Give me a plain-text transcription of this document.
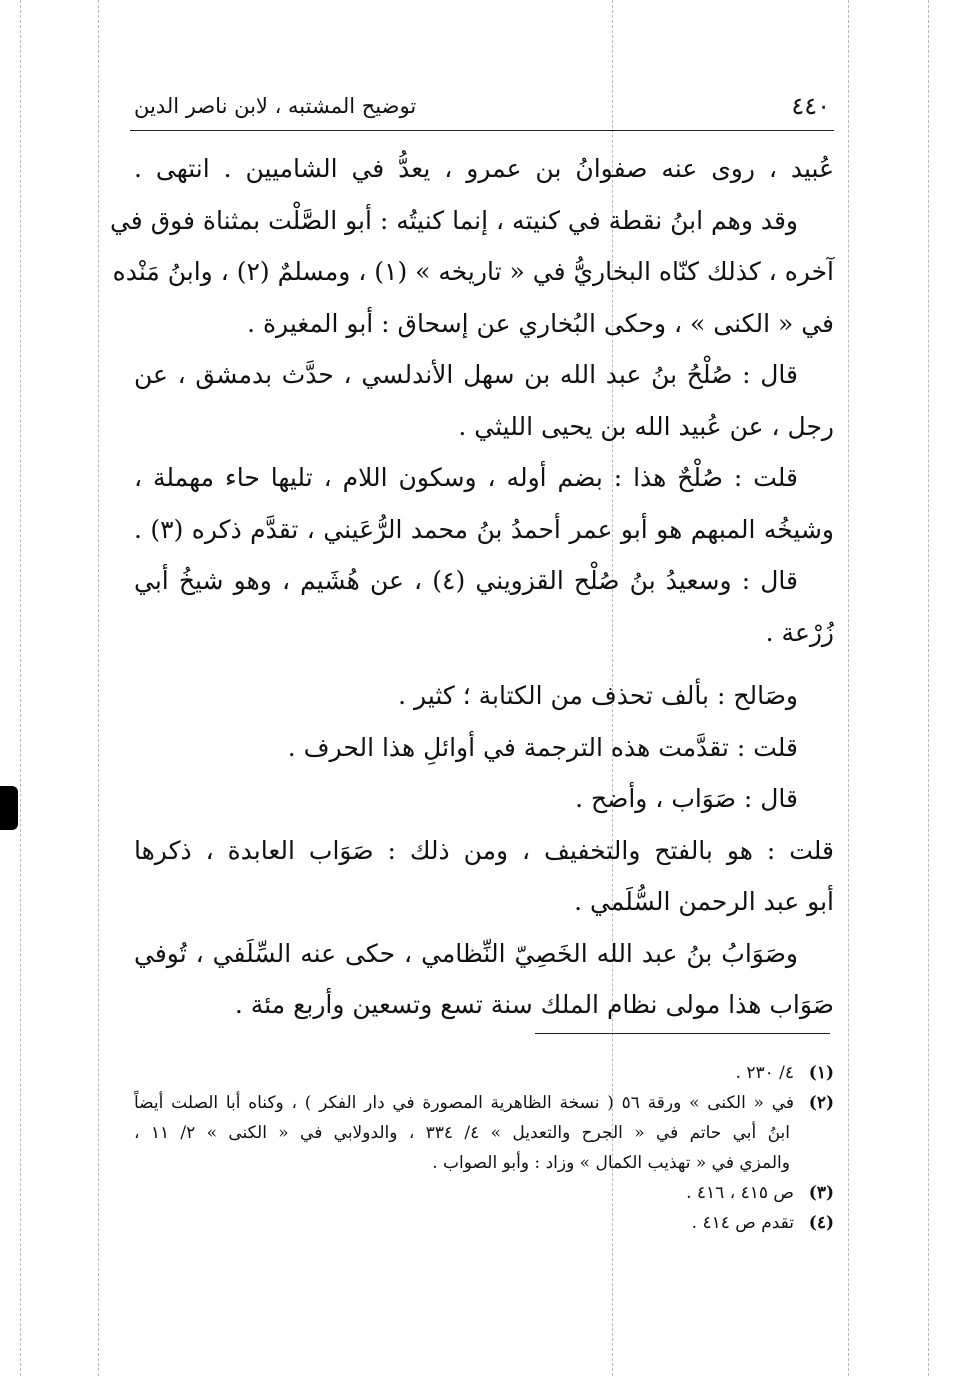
٤٤٠
توضيح المشتبه ، لابن ناصر الدين
عُبيد ، روى عنه صفوانُ بن عمرو ، يعدُّ في الشاميين . انتهى .
وقد وهم ابنُ نقطة في كنيته ، إنما كنيتُه : أبو الصَّلْت بمثناة فوق في
آخره ، كذلك كنّاه البخاريُّ في « تاريخه » (١) ، ومسلمٌ (٢) ، وابنُ مَنْده
في « الكنى » ، وحكى البُخاري عن إسحاق : أبو المغيرة .
قال : صُلْحُ بنُ عبد الله بن سهل الأندلسي ، حدَّث بدمشق ، عن
رجل ، عن عُبيد الله بن يحيى الليثي .
قلت : صُلْحٌ هذا : بضم أوله ، وسكون اللام ، تليها حاء مهملة ،
وشيخُه المبهم هو أبو عمر أحمدُ بنُ محمد الرُّعَيني ، تقدَّم ذكره (٣) .
قال : وسعيدُ بنُ صُلْح القزويني (٤) ، عن هُشَيم ، وهو شيخُ أبي
زُرْعة .
وصَالح : بألف تحذف من الكتابة ؛ كثير .
قلت : تقدَّمت هذه الترجمة في أوائلِ هذا الحرف .
قال : صَوَاب ، وأضح .
قلت : هو بالفتح والتخفيف ، ومن ذلك : صَوَاب العابدة ، ذكرها
أبو عبد الرحمن السُّلَمي .
وصَوَابُ بنُ عبد الله الخَصِيّ النِّظامي ، حكى عنه السِّلَفي ، تُوفي
صَوَاب هذا مولى نظام الملك سنة تسع وتسعين وأربع مئة .
(١)٤/ ٢٣٠ .
(٢)في « الكنى » ورقة ٥٦ ( نسخة الظاهرية المصورة في دار الفكر ) ، وكناه أبا الصلت أيضاً
ابنُ أبي حاتم في « الجرح والتعديل » ٤/ ٣٣٤ ، والدولابي في « الكنى » ٢/ ١١ ،
والمزي في « تهذيب الكمال » وزاد : وأبو الصواب .
(٣)ص ٤١٥ ، ٤١٦ .
(٤)تقدم ص ٤١٤ .
